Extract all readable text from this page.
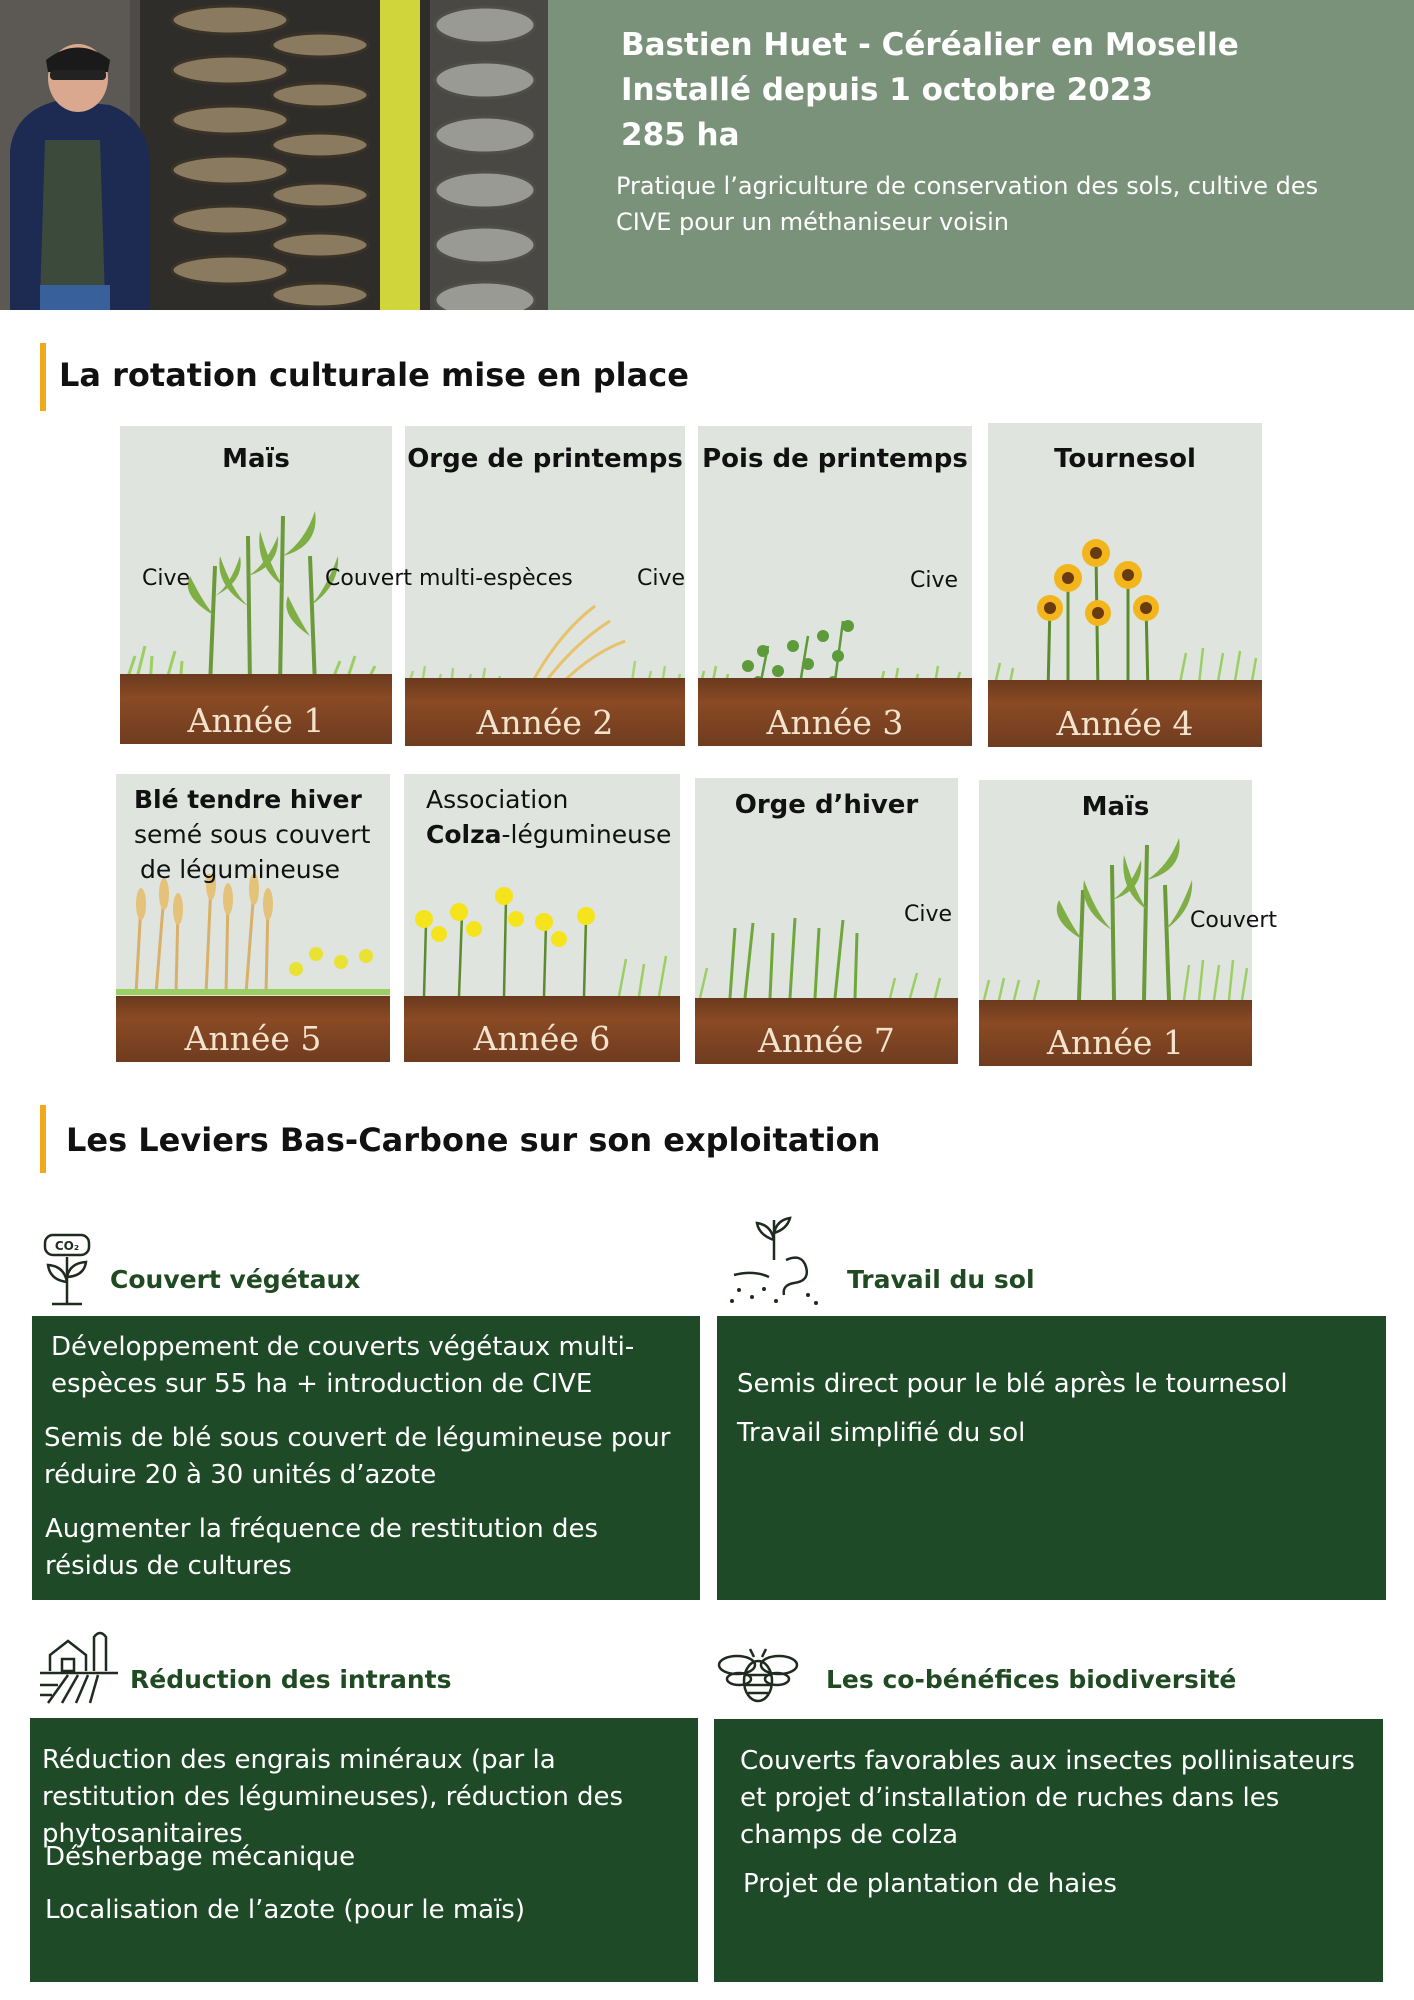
Bastien Huet - Céréalier en Moselle
Installé depuis 1 octobre 2023
285 ha
Pratique l’agriculture de conservation des sols, cultive des CIVE pour un méthaniseur voisin
La rotation culturale mise en place
Maïs
Cive
Année 1
Orge de printemps
Couvert multi-espèces	Cive
Année 2
Pois de printemps
Cive
Année 3
Tournesol
Année 4
Blé tendre hiver
semé sous couvert
de légumineuse
Année 5
Association
Colza-légumineuse
Année 6
Orge d’hiver
Cive
Année 7
Maïs
Couvert
Année 1
Les Leviers Bas-Carbone sur son exploitation
CO₂
Couvert végétaux

Développement de couverts végétaux multi-espèces sur 55 ha + introduction de CIVE

Semis de blé sous couvert de légumineuse pour réduire 20 à 30 unités d’azote

Augmenter la fréquence de restitution des résidus de cultures

Travail du sol

Semis direct pour le blé après le tournesol

Travail simplifié du sol

Réduction des intrants

Réduction des engrais minéraux (par la restitution des légumineuses), réduction des phytosanitaires

Désherbage mécanique

Localisation de l’azote (pour le maïs)

Les co-bénéfices biodiversité

Couverts favorables aux insectes pollinisateurs et projet d’installation de ruches dans les champs de colza

Projet de plantation de haies
